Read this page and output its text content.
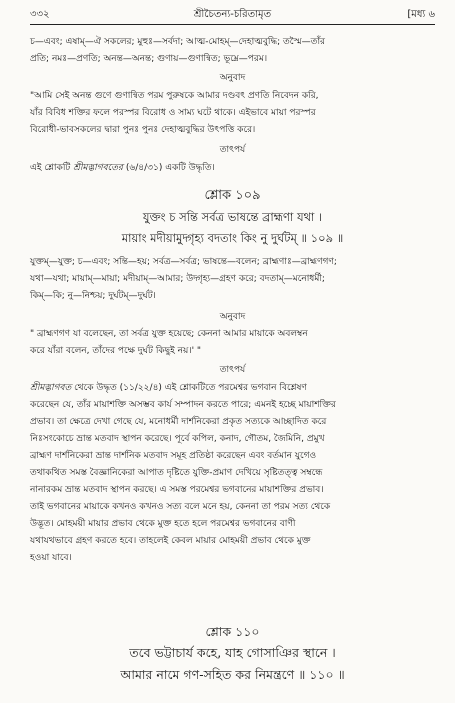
৩৩২	শ্রীচৈতন্য-চরিতামৃত	[মধ্য ৬
চ—এবং; এষাম্—ঐ সকলের; মুহুঃ—সর্বদা; আত্ম-মোহম্—দেহাত্মবুদ্ধি; তস্মৈ—তাঁর
প্রতি; নমঃ—প্রণতি; অনন্ত—অনন্ত; গুণায়—গুণান্বিত; ভূম্নে—পরম।
অনুবাদ
"আমি সেই অনন্ত গুণে গুণান্বিত পরম পুরুষকে আমার দণ্ডবৎ প্রণতি নিবেদন করি,
যাঁর বিবিধ শক্তির ফলে পরস্পর বিরোধ ও সাম্য ঘটে থাকে। এইভাবে মায়া পরস্পর
বিরোধী-ভাবসকলের দ্বারা পুনঃ পুনঃ দেহাত্মবুদ্ধির উৎপত্তি করে।
তাৎপর্য
এই শ্লোকটি শ্রীমদ্ভাগবতের (৬/৪/৩১) একটি উদ্ধৃতি।
শ্লোক ১০৯
যুক্তং চ সন্তি সর্বত্র ভাষন্তে ব্রাহ্মণা যথা ।
মায়াং মদীয়ামুদ্গৃহ্য বদতাং কিং নু দুর্ঘটম্ ॥ ১০৯ ॥
যুক্তম্—যুক্ত; চ—এবং; সন্তি—হয়; সর্বত্র—সর্বত্র; ভাষন্তে—বলেন; ব্রাহ্মণাঃ—ব্রাহ্মণগণ;
যথা—যথা; মায়াম্—মায়া; মদীয়াম্—আমার; উদ্গৃহ্য—গ্রহণ করে; বদতাম্—মনোধর্মী;
কিম্—কি; নু—নিশ্চয়; দুর্ঘটম্—দুর্ঘট।
অনুবাদ
" ব্রাহ্মণগণ যা বলেছেন, তা সর্বত্র যুক্ত হয়েছে; কেননা আমার মায়াকে অবলম্বন
করে যাঁরা বলেন, তাঁদের পক্ষে দুর্ঘট কিছুই নয়।' "
তাৎপর্য
শ্রীমদ্ভাগবত থেকে উদ্ধৃত (১১/২২/৪) এই শ্লোকটিতে পরমেশ্বর ভগবান বিশ্লেষণ
করেছেন যে, তাঁর মায়াশক্তি অসম্ভব কার্য সম্পাদন করতে পারে; এমনই হচ্ছে মায়াশক্তির
প্রভাব। তা ক্ষেত্রে দেখা গেছে যে, মনোধর্মী দার্শনিকেরা প্রকৃত সত্যকে আচ্ছাদিত করে
নিঃসংকোচে ভ্রান্ত মতবাদ স্থাপন করেছে। পূর্বে কপিল, কনাদ, গৌতম, জৈমিনি, প্রমুখ
ব্রাহ্মণ দার্শনিকেরা ভ্রান্ত দার্শনিক মতবাদ সমূহ প্রতিষ্ঠা করেছেন এবং বর্তমান যুগেও
তথাকথিত সমস্ত বৈজ্ঞানিকেরা আপাত দৃষ্টিতে যুক্তি-প্রমাণ দেখিয়ে সৃষ্টিতত্ত্ব সম্বন্ধে
নানারকম ভ্রান্ত মতবাদ স্থাপন করছে। এ সমস্ত পরমেশ্বর ভগবানের মায়াশক্তির প্রভাব।
তাই ভগবানের মায়াকে কখনও কখনও সত্য বলে মনে হয়, কেননা তা পরম সত্য থেকে
উদ্ভূত। মোহময়ী মায়ার প্রভাব থেকে মুক্ত হতে হলে পরমেশ্বর ভগবানের বাণী
যথাযথভাবে গ্রহণ করতে হবে। তাহলেই কেবল মায়ার মোহময়ী প্রভাব থেকে মুক্ত
হওয়া যাবে।
শ্লোক ১১০
তবে ভট্টাচার্য কহে, যাহ গোসাঞির স্থানে ।
আমার নামে গণ-সহিত কর নিমন্ত্রণে ॥ ১১০ ॥
